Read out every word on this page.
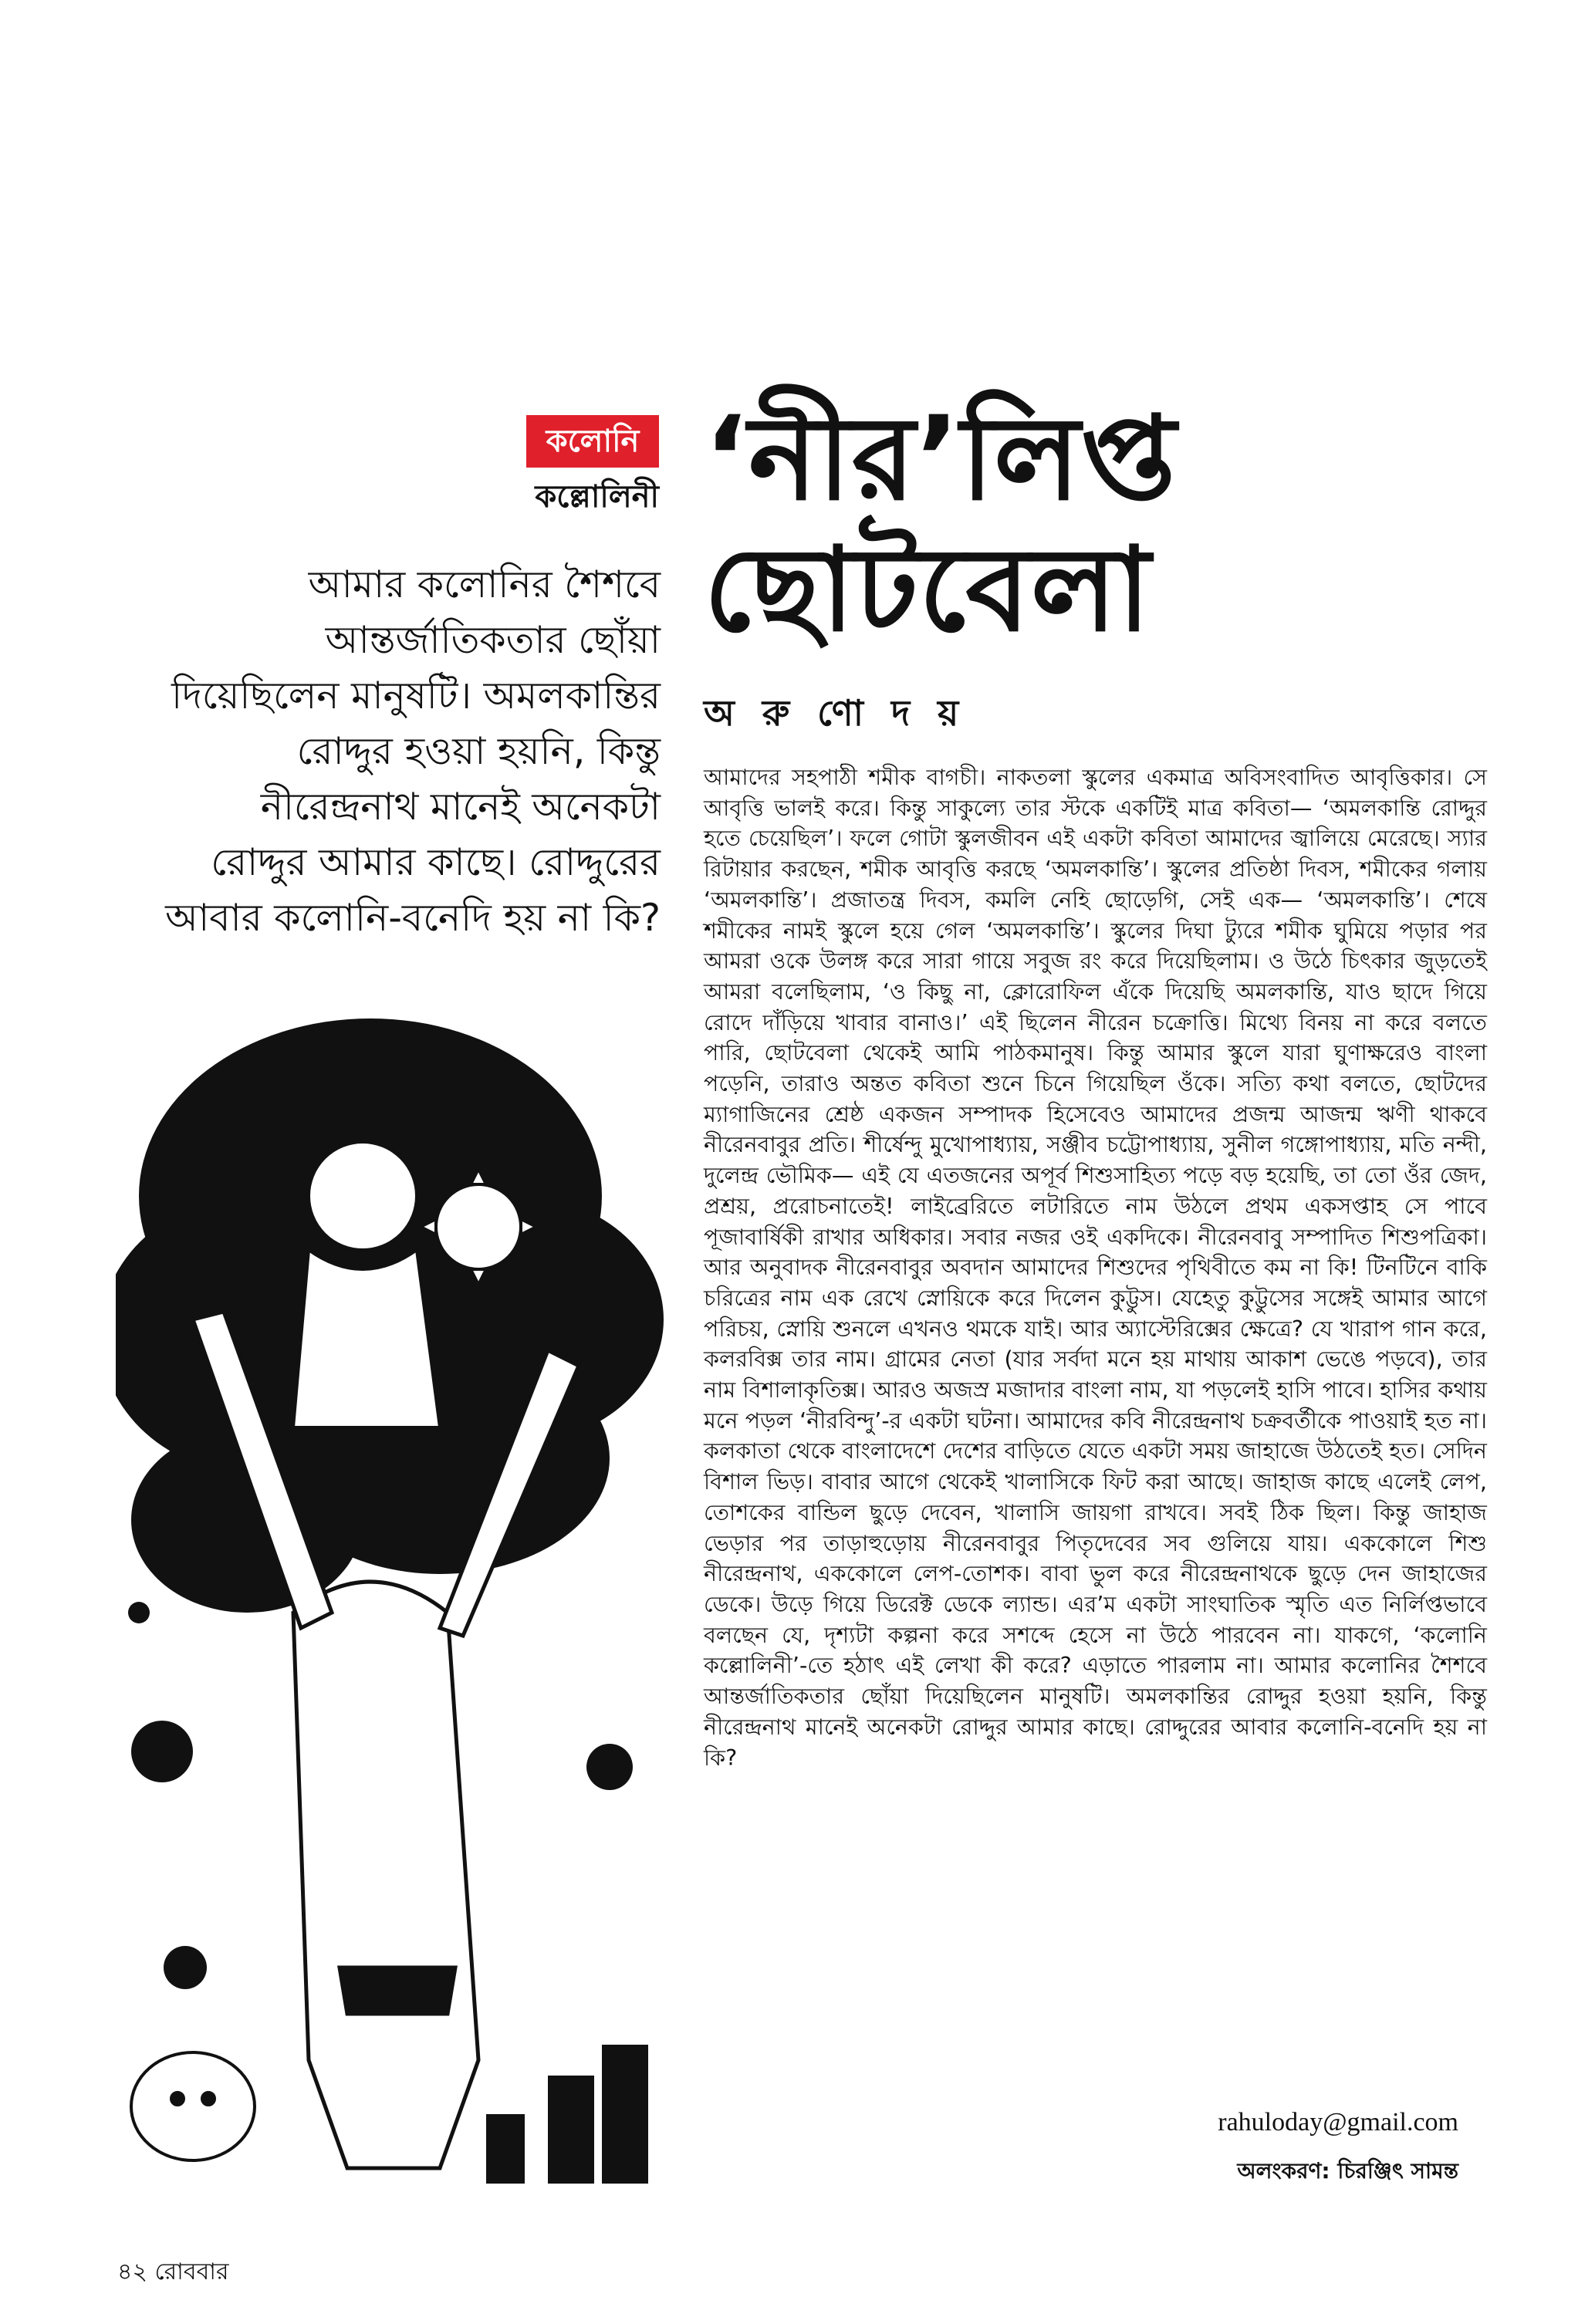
কলোনি
কল্লোলিনী ‘নীর’লিপ্ত
ছোটবেলা
অ রু ণো দ য়
আমার কলোনির শৈশবে আন্তর্জাতিকতার ছোঁয়া দিয়েছিলেন মানুষটি। অমলকান্তির রোদ্দুর হওয়া হয়নি, কিন্তু নীরেন্দ্রনাথ মানেই অনেকটা রোদ্দুর আমার কাছে। রোদ্দুরের আবার কলোনি-বনেদি হয় না কি?
আমাদের সহপাঠী শমীক বাগচী। নাকতলা স্কুলের একমাত্র অবিসংবাদিত আবৃত্তিকার। সে আবৃত্তি ভালই করে। কিন্তু সাকুল্যে তার স্টকে একটিই মাত্র কবিতা— ‘অমলকান্তি রোদ্দুর হতে চেয়েছিল’। ফলে গোটা স্কুলজীবন এই একটা কবিতা আমাদের জ্বালিয়ে মেরেছে। স্যার রিটায়ার করছেন, শমীক আবৃত্তি করছে ‘অমলকান্তি’। স্কুলের প্রতিষ্ঠা দিবস, শমীকের গলায় ‘অমলকান্তি’। প্রজাতন্ত্র দিবস, কমলি নেহি ছোড়েগি, সেই এক— ‘অমলকান্তি’। শেষে শমীকের নামই স্কুলে হয়ে গেল ‘অমলকান্তি’। স্কুলের দিঘা ট্যুরে শমীক ঘুমিয়ে পড়ার পর আমরা ওকে উলঙ্গ করে সারা গায়ে সবুজ রং করে দিয়েছিলাম। ও উঠে চিৎকার জুড়তেই আমরা বলেছিলাম, ‘ও কিছু না, ক্লোরোফিল এঁকে দিয়েছি অমলকান্তি, যাও ছাদে গিয়ে রোদে দাঁড়িয়ে খাবার বানাও।’ এই ছিলেন নীরেন চক্রোত্তি। মিথ্যে বিনয় না করে বলতে পারি, ছোটবেলা থেকেই আমি পাঠকমানুষ। কিন্তু আমার স্কুলে যারা ঘুণাক্ষরেও বাংলা পড়েনি, তারাও অন্তত কবিতা শুনে চিনে গিয়েছিল ওঁকে। সত্যি কথা বলতে, ছোটদের ম্যাগাজিনের শ্রেষ্ঠ একজন সম্পাদক হিসেবেও আমাদের প্রজন্ম আজন্ম ঋণী থাকবে নীরেনবাবুর প্রতি। শীর্ষেন্দু মুখোপাধ্যায়, সঞ্জীব চট্টোপাধ্যায়, সুনীল গঙ্গোপাধ্যায়, মতি নন্দী, দুলেন্দ্র ভৌমিক— এই যে এতজনের অপূর্ব শিশুসাহিত্য পড়ে বড় হয়েছি, তা তো ওঁর জেদ, প্রশ্রয়, প্ররোচনাতেই! লাইব্রেরিতে লটারিতে নাম উঠলে প্রথম একসপ্তাহ সে পাবে পূজাবার্ষিকী রাখার অধিকার। সবার নজর ওই একদিকে। নীরেনবাবু সম্পাদিত শিশুপত্রিকা। আর অনুবাদক নীরেনবাবুর অবদান আমাদের শিশুদের পৃথিবীতে কম না কি! টিনটিনে বাকি চরিত্রের নাম এক রেখে স্নোয়িকে করে দিলেন কুট্টুস। যেহেতু কুট্টুসের সঙ্গেই আমার আগে পরিচয়, স্নোয়ি শুনলে এখনও থমকে যাই। আর অ্যাস্টেরিক্সের ক্ষেত্রে? যে খারাপ গান করে, কলরবিক্স তার নাম। গ্রামের নেতা (যার সর্বদা মনে হয় মাথায় আকাশ ভেঙে পড়বে), তার নাম বিশালাকৃতিক্স। আরও অজস্র মজাদার বাংলা নাম, যা পড়লেই হাসি পাবে। হাসির কথায় মনে পড়ল ‘নীরবিন্দু’-র একটা ঘটনা। আমাদের কবি নীরেন্দ্রনাথ চক্রবর্তীকে পাওয়াই হত না। কলকাতা থেকে বাংলাদেশে দেশের বাড়িতে যেতে একটা সময় জাহাজে উঠতেই হত। সেদিন বিশাল ভিড়। বাবার আগে থেকেই খালাসিকে ফিট করা আছে। জাহাজ কাছে এলেই লেপ, তোশকের বান্ডিল ছুড়ে দেবেন, খালাসি জায়গা রাখবে। সবই ঠিক ছিল। কিন্তু জাহাজ ভেড়ার পর তাড়াহুড়োয় নীরেনবাবুর পিতৃদেবের সব গুলিয়ে যায়। এককোলে শিশু নীরেন্দ্রনাথ, এককোলে লেপ-তোশক। বাবা ভুল করে নীরেন্দ্রনাথকে ছুড়ে দেন জাহাজের ডেকে। উড়ে গিয়ে ডিরেক্ট ডেকে ল্যান্ড। এর’ম একটা সাংঘাতিক স্মৃতি এত নির্লিপ্তভাবে বলছেন যে, দৃশ্যটা কল্পনা করে সশব্দে হেসে না উঠে পারবেন না। যাকগে, ‘কলোনি কল্লোলিনী’-তে হঠাৎ এই লেখা কী করে? এড়াতে পারলাম না। আমার কলোনির শৈশবে আন্তর্জাতিকতার ছোঁয়া দিয়েছিলেন মানুষটি। অমলকান্তির রোদ্দুর হওয়া হয়নি, কিন্তু নীরেন্দ্রনাথ মানেই অনেকটা রোদ্দুর আমার কাছে। রোদ্দুরের আবার কলোনি-বনেদি হয় না কি?
rahuloday@gmail.com
অলংকরণ: চিরঞ্জিৎ সামন্ত
৪২ রোববার
